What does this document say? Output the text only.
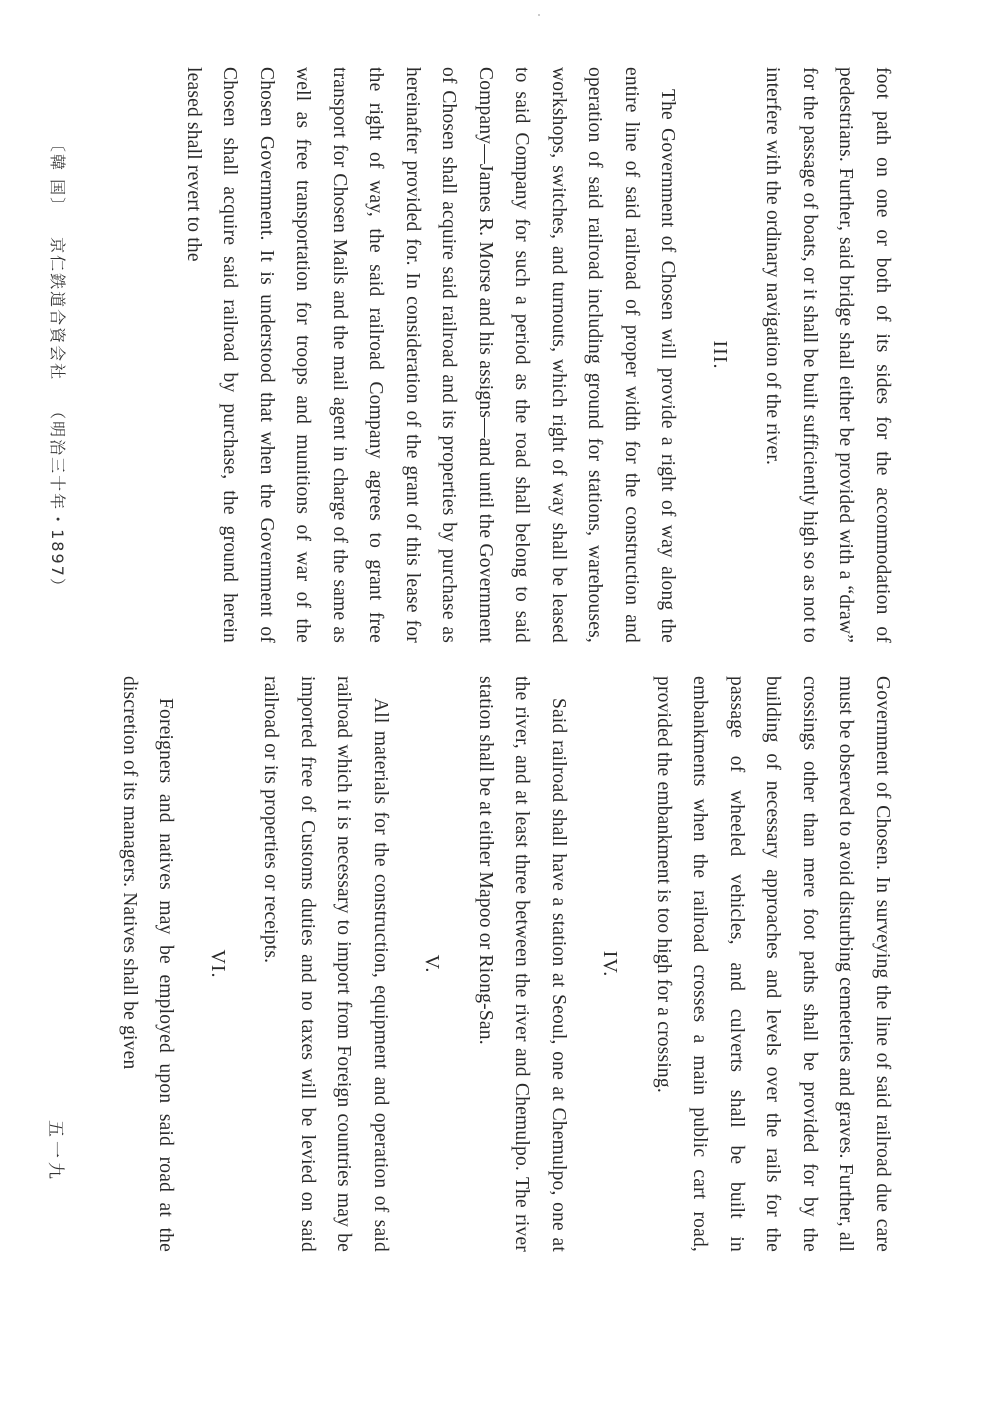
foot path on one or both of its sides for the accommodation of pedestrians. Further, said bridge shall either be provided with a “draw” for the passage of boats, or it shall be built sufficiently high so as not to interfere with the ordinary navigation of the river.

III.

The Government of Chosen will provide a right of way along the entire line of said railroad of proper width for the construction and operation of said railroad including ground for stations, warehouses, workshops, switches, and turnouts, which right of way shall be leased to said Company for such a period as the road shall belong to said Company—James R. Morse and his assigns—and until the Government of Chosen shall acquire said railroad and its properties by purchase as hereinafter provided for. In consideration of the grant of this lease for the right of way, the said railroad Company agrees to grant free transport for Chosen Mails and the mail agent in charge of the same as well as free transportation for troops and munitions of war of the Chosen Government. It is understood that when the Government of Chosen shall acquire said railroad by purchase, the ground herein leased shall revert to the

Government of Chosen. In surveying the line of said railroad due care must be observed to avoid disturbing cemeteries and graves. Further, all crossings other than mere foot paths shall be provided for by the building of necessary approaches and levels over the rails for the passage of wheeled vehicles, and culverts shall be built in embankments when the railroad crosses a main public cart road, provided the embankment is too high for a crossing.

IV.

Said railroad shall have a station at Seoul, one at Chemulpo, one at the river, and at least three between the river and Chemulpo. The river station shall be at either Mapoo or Riong-San.

V.

All materials for the construction, equipment and operation of said railroad which it is necessary to import from Foreign countries may be imported free of Customs duties and no taxes will be levied on said railroad or its properties or receipts.

VI.

Foreigners and natives may be employed upon said road at the discretion of its managers. Natives shall be given

〔韓 国〕京仁鉄道合資会社（明治三十年・1897）
五一九
